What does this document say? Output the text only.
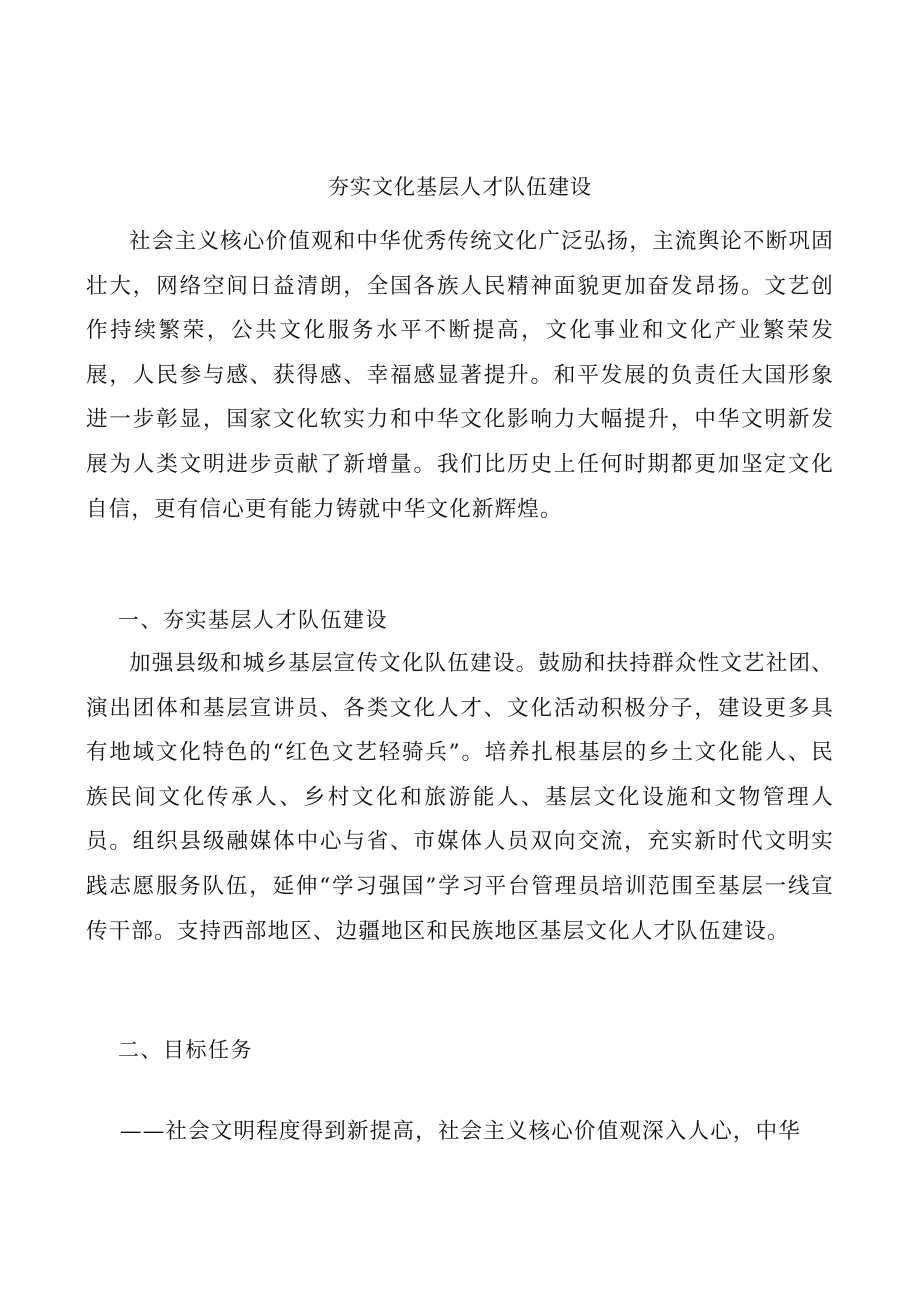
夯实文化基层人才队伍建设

社会主义核心价值观和中华优秀传统文化广泛弘扬，主流舆论不断巩固壮大，网络空间日益清朗，全国各族人民精神面貌更加奋发昂扬。文艺创作持续繁荣，公共文化服务水平不断提高，文化事业和文化产业繁荣发展，人民参与感、获得感、幸福感显著提升。和平发展的负责任大国形象进一步彰显，国家文化软实力和中华文化影响力大幅提升，中华文明新发展为人类文明进步贡献了新增量。我们比历史上任何时期都更加坚定文化自信，更有信心更有能力铸就中华文化新辉煌。

一、夯实基层人才队伍建设

加强县级和城乡基层宣传文化队伍建设。鼓励和扶持群众性文艺社团、演出团体和基层宣讲员、各类文化人才、文化活动积极分子，建设更多具有地域文化特色的“红色文艺轻骑兵”。培养扎根基层的乡土文化能人、民族民间文化传承人、乡村文化和旅游能人、基层文化设施和文物管理人员。组织县级融媒体中心与省、市媒体人员双向交流，充实新时代文明实践志愿服务队伍，延伸“学习强国”学习平台管理员培训范围至基层一线宣传干部。支持西部地区、边疆地区和民族地区基层文化人才队伍建设。

二、目标任务

——社会文明程度得到新提高，社会主义核心价值观深入人心，中华
